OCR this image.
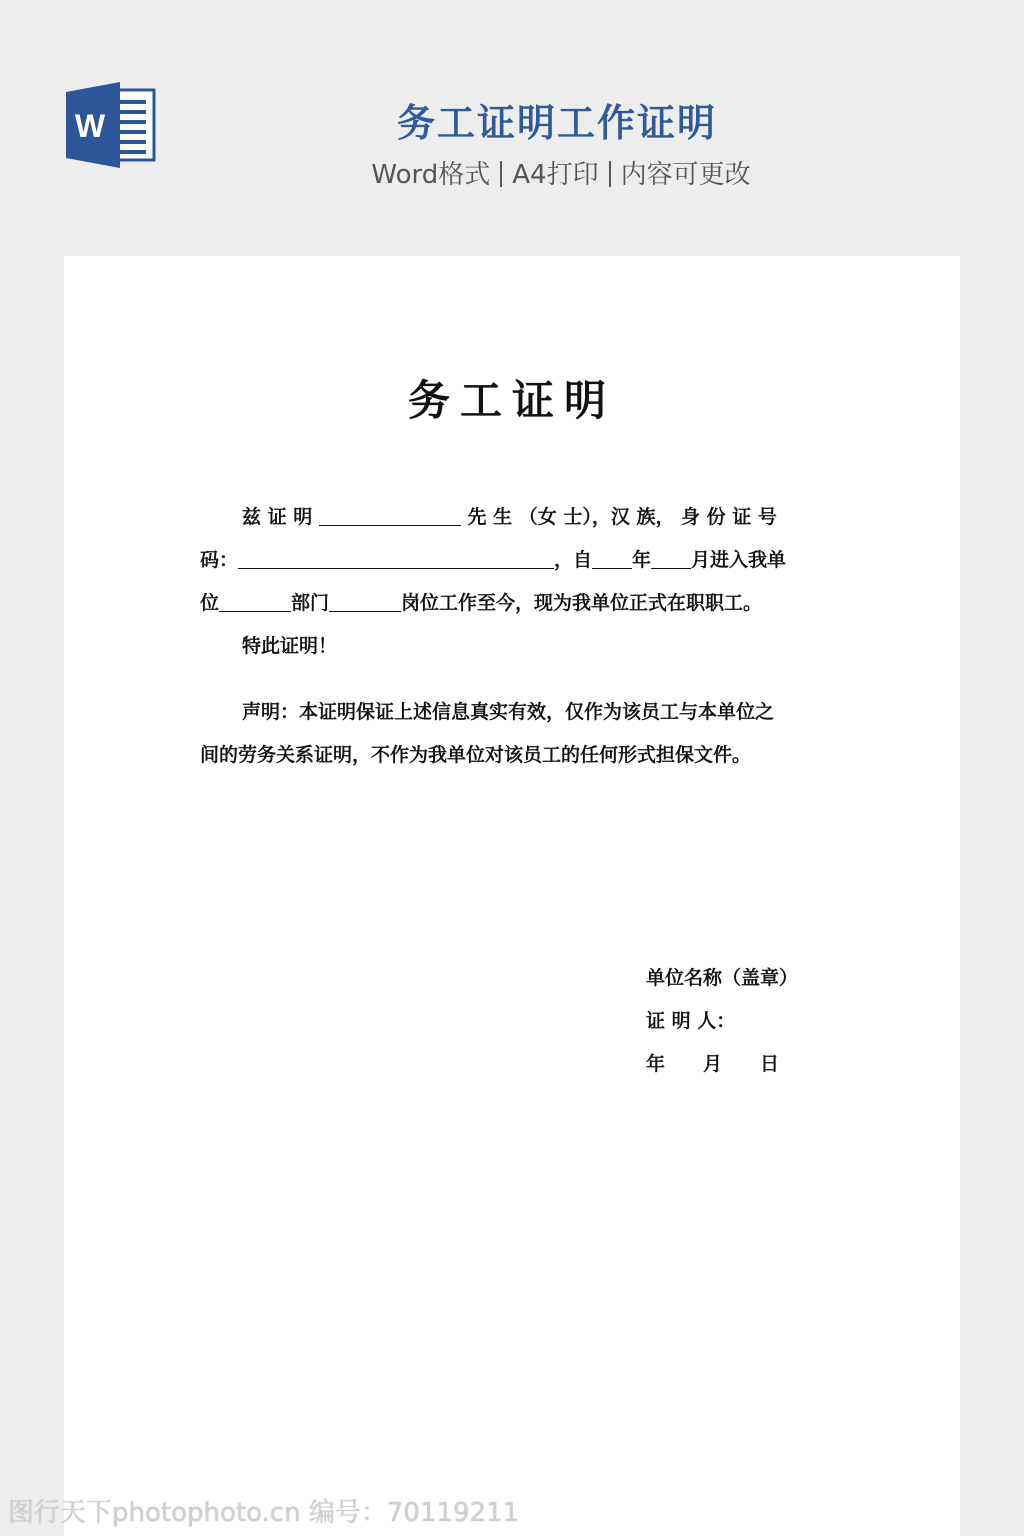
W	务工证明工作证明
Word格式 A4打印 内容可更改
务工证明
兹 证 明	先 生 （女 士），汉 族， 身 份 证 号
码：	，自 年 月进入我单
位	部门	岗位工作至今，现为我单位正式在职职工。
特此证明！
声明：本证明保证上述信息真实有效，仅作为该员工与本单位之
间的劳务关系证明，不作为我单位对该员工的任何形式担保文件。
单位名称（盖章）
证 明 人：
年　　月　　日
图行天下photophoto.cn 编号：70119211
